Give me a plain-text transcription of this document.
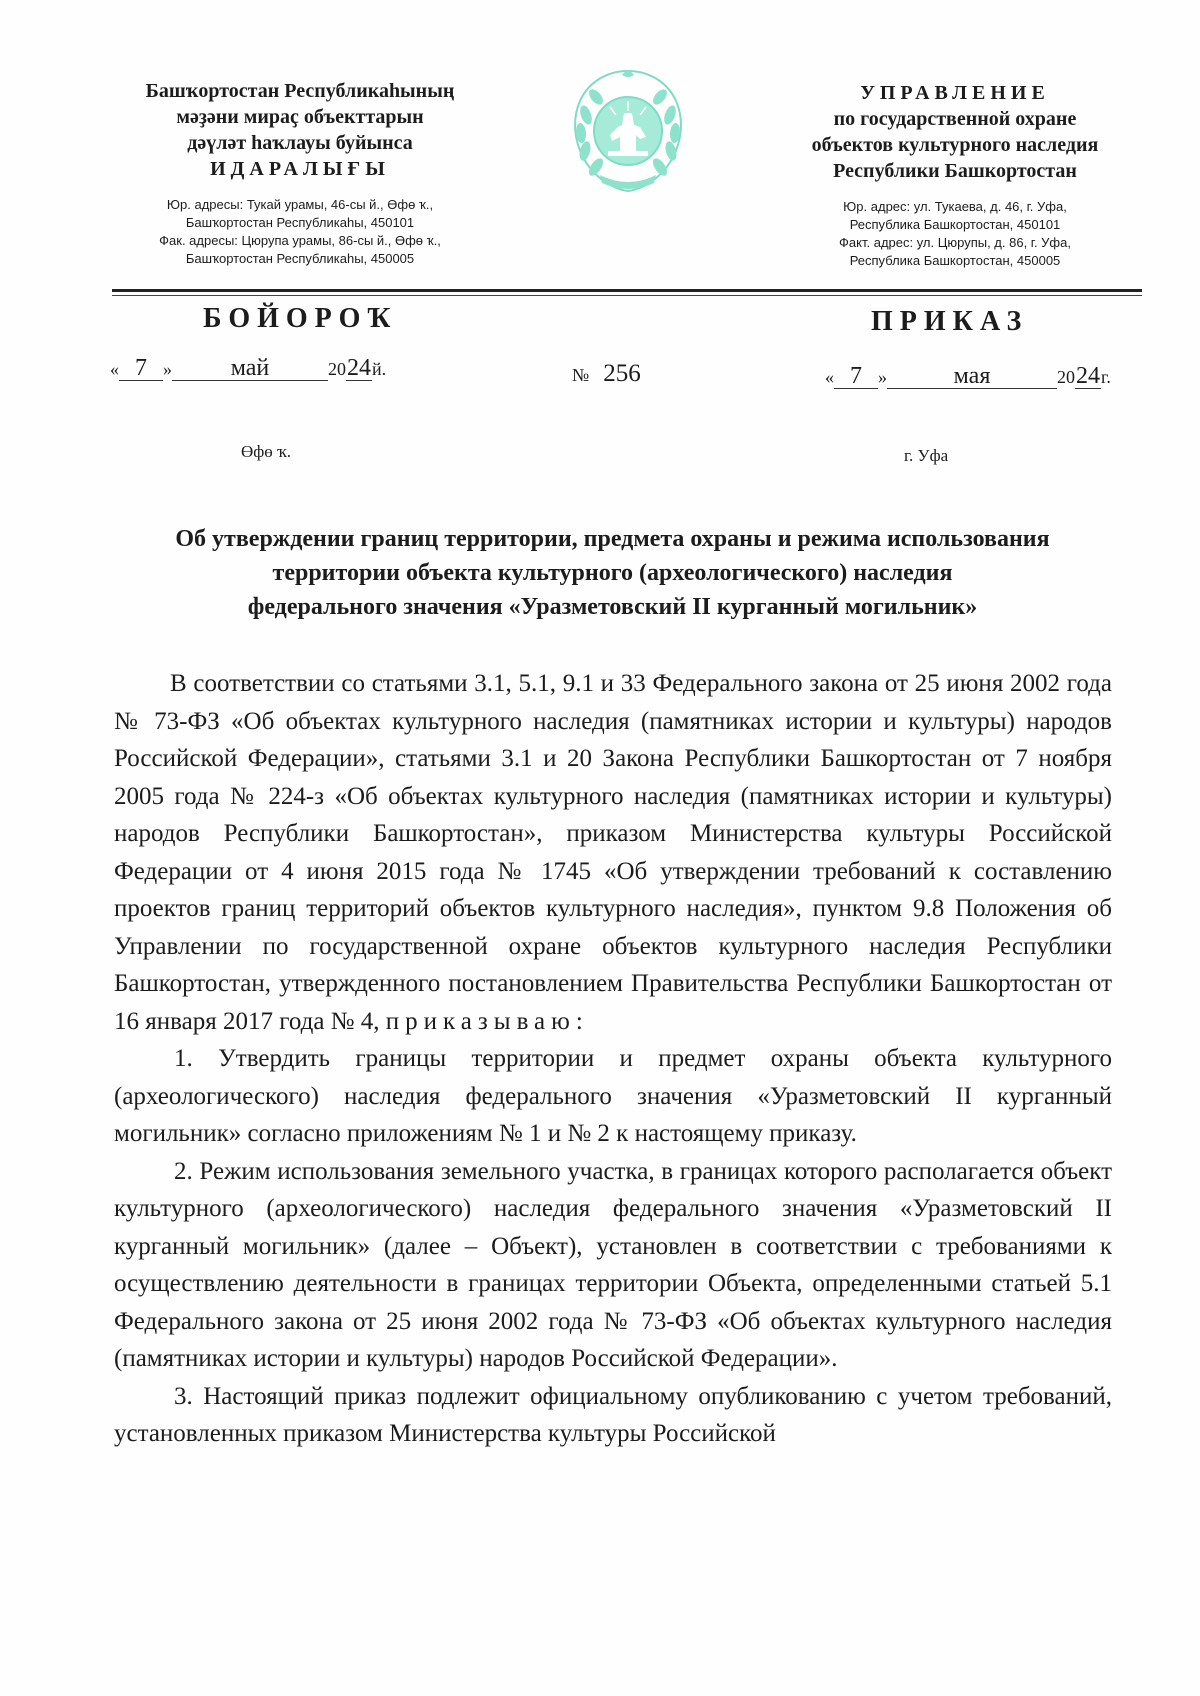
Башҡортостан Республикаһының

мәҙәни мираҫ объекттарын

дәүләт һаҡлауы буйынса

ИДАРАЛЫҒЫ

Юр. адресы: Тукай урамы, 46-сы й., Өфө ҡ.,

Башҡортостан Республикаһы, 450101

Фак. адресы: Цюрупа урамы, 86-сы й., Өфө ҡ.,

Башҡортостан Республикаһы, 450005

УПРАВЛЕНИЕ

по государственной охране

объектов культурного наследия

Республики Башкортостан

Юр. адрес: ул. Тукаева, д. 46, г. Уфа,

Республика Башкортостан, 450101

Факт. адрес: ул. Цюрупы, д. 86, г. Уфа,

Республика Башкортостан, 450005

БОЙОРОҠ	ПРИКАЗ
« 7 » май	2024й.	№ 256	« 7 »	мая	2024г.
Өфө ҡ.	г. Уфа

Об утверждении границ территории, предмета охраны и режима использования

территории объекта культурного (археологического) наследия

федерального значения «Уразметовский II курганный могильник»

В соответствии со статьями 3.1, 5.1, 9.1 и 33 Федерального закона от 25 июня 2002 года № 73-ФЗ «Об объектах культурного наследия (памятниках истории и культуры) народов Российской Федерации», статьями 3.1 и 20 Закона Республики Башкортостан от 7 ноября 2005 года № 224-з «Об объектах культурного наследия (памятниках истории и культуры) народов Республики Башкортостан», приказом Министерства культуры Российской Федерации от 4 июня 2015 года № 1745 «Об утверждении требований к составлению проектов границ территорий объектов культурного наследия», пунктом 9.8 Положения об Управлении по государственной охране объектов культурного наследия Республики Башкортостан, утвержденного постановлением Правительства Республики Башкортостан от 16 января 2017 года № 4, приказываю:

1. Утвердить границы территории и предмет охраны объекта культурного (археологического) наследия федерального значения «Уразметовский II курганный могильник» согласно приложениям № 1 и № 2 к настоящему приказу.

2. Режим использования земельного участка, в границах которого располагается объект культурного (археологического) наследия федерального значения «Уразметовский II курганный могильник» (далее – Объект), установлен в соответствии с требованиями к осуществлению деятельности в границах территории Объекта, определенными статьей 5.1 Федерального закона от 25 июня 2002 года № 73-ФЗ «Об объектах культурного наследия (памятниках истории и культуры) народов Российской Федерации».

3. Настоящий приказ подлежит официальному опубликованию с учетом требований, установленных приказом Министерства культуры Российской
